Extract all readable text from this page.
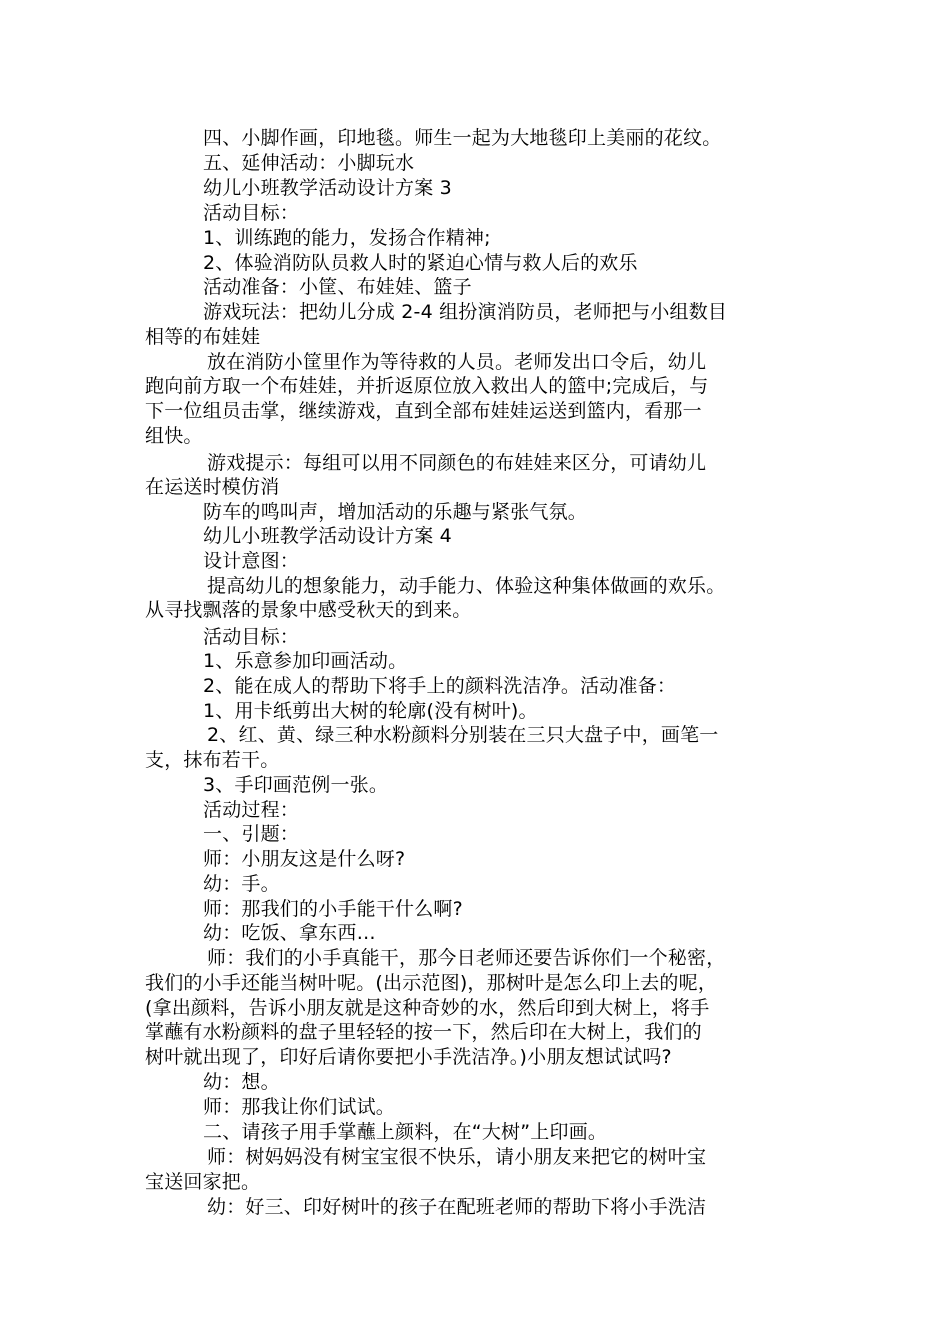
四、小脚作画，印地毯。师生一起为大地毯印上美丽的花纹。

五、延伸活动：小脚玩水

幼儿小班教学活动设计方案 3

活动目标：

1、训练跑的能力，发扬合作精神;

2、体验消防队员救人时的紧迫心情与救人后的欢乐

活动准备：小筐、布娃娃、篮子

游戏玩法：把幼儿分成 2-4 组扮演消防员，老师把与小组数目

相等的布娃娃

放在消防小筐里作为等待救的人员。老师发出口令后，幼儿

跑向前方取一个布娃娃，并折返原位放入救出人的篮中;完成后，与

下一位组员击掌，继续游戏，直到全部布娃娃运送到篮内，看那一

组快。

游戏提示：每组可以用不同颜色的布娃娃来区分，可请幼儿

在运送时模仿消

防车的鸣叫声，增加活动的乐趣与紧张气氛。

幼儿小班教学活动设计方案 4

设计意图：

提高幼儿的想象能力，动手能力、体验这种集体做画的欢乐。

从寻找飘落的景象中感受秋天的到来。

活动目标：

1、乐意参加印画活动。

2、能在成人的帮助下将手上的颜料洗洁净。活动准备：

1、用卡纸剪出大树的轮廓(没有树叶)。

2、红、黄、绿三种水粉颜料分别装在三只大盘子中，画笔一

支，抹布若干。

3、手印画范例一张。

活动过程：

一、引题：

师：小朋友这是什么呀?

幼：手。

师：那我们的小手能干什么啊?

幼：吃饭、拿东西…

师：我们的小手真能干，那今日老师还要告诉你们一个秘密，

我们的小手还能当树叶呢。(出示范图)，那树叶是怎么印上去的呢，

(拿出颜料，告诉小朋友就是这种奇妙的水，然后印到大树上，将手

掌蘸有水粉颜料的盘子里轻轻的按一下，然后印在大树上，我们的

树叶就出现了，印好后请你要把小手洗洁净。)小朋友想试试吗?

幼：想。

师：那我让你们试试。

二、请孩子用手掌蘸上颜料，在“大树”上印画。

师：树妈妈没有树宝宝很不快乐，请小朋友来把它的树叶宝

宝送回家把。

幼：好三、印好树叶的孩子在配班老师的帮助下将小手洗洁
